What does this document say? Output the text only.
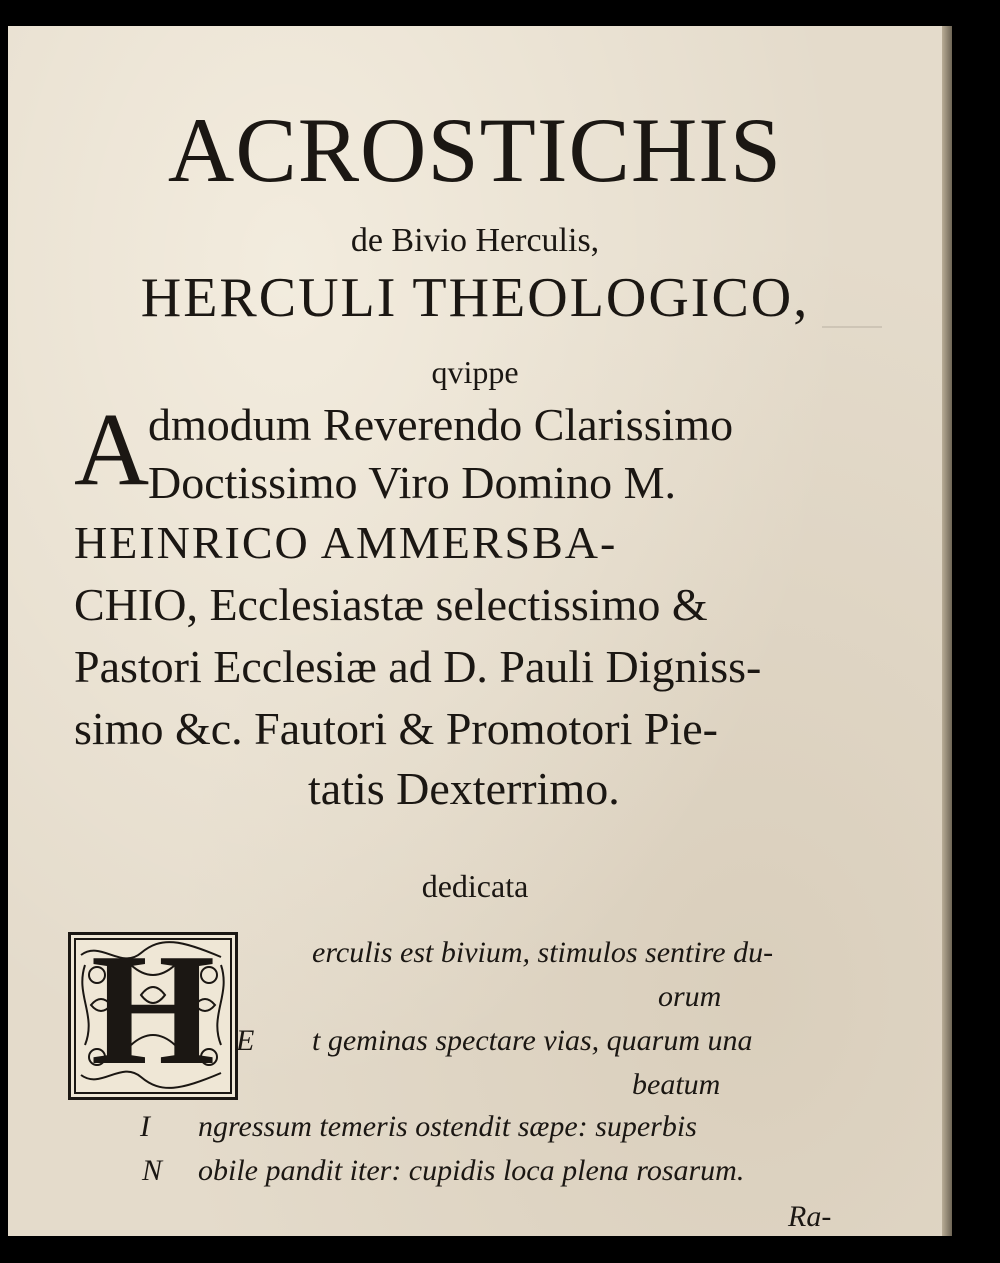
ACROSTICHIS
de Bivio Herculis,
HERCULI THEOLOGICO,
qvippe
A
dmodum Reverendo Clarissimo
Doctissimo Viro Domino M.
HEINRICO AMMERSBA-
CHIO, Ecclesiastæ selectissimo &
Pastori Ecclesiæ ad D. Pauli Digniss-
simo &c. Fautori & Promotori Pie-
tatis Dexterrimo.
dedicata
H E
I
N
erculis est bivium, stimulos sentire du-
orum
t geminas spectare vias, quarum una
beatum
ngressum temeris ostendit sæpe: superbis
obile pandit iter: cupidis loca plena rosarum.
Ra-
